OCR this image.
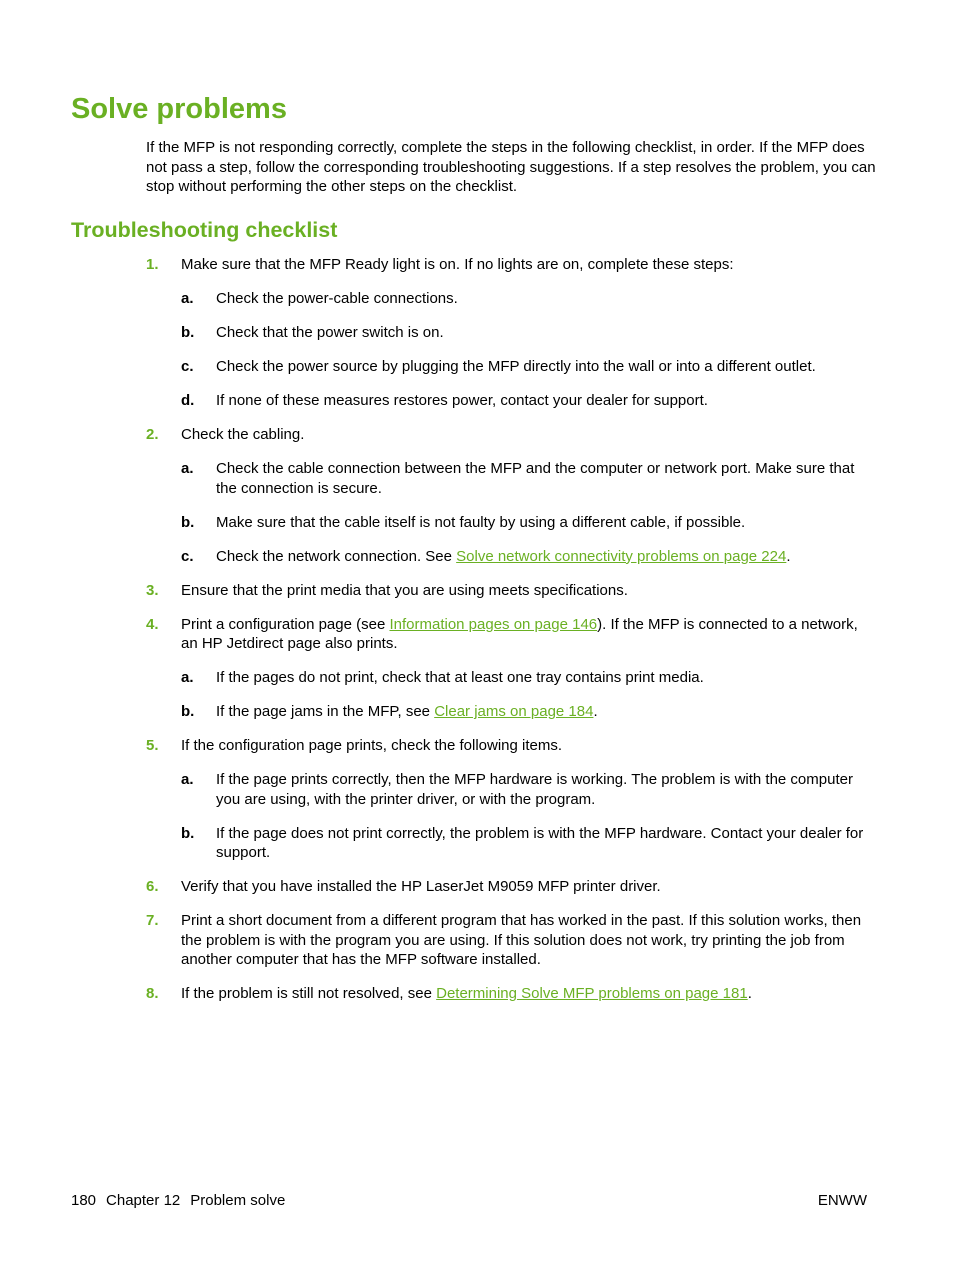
Solve problems

If the MFP is not responding correctly, complete the steps in the following checklist, in order. If the MFP does not pass a step, follow the corresponding troubleshooting suggestions. If a step resolves the problem, you can stop without performing the other steps on the checklist.

Troubleshooting checklist
1. Make sure that the MFP Ready light is on. If no lights are on, complete these steps:
a. Check the power-cable connections.
b. Check that the power switch is on.
c. Check the power source by plugging the MFP directly into the wall or into a different outlet.
d. If none of these measures restores power, contact your dealer for support.
2. Check the cabling.
a. Check the cable connection between the MFP and the computer or network port. Make sure that the connection is secure.
b. Make sure that the cable itself is not faulty by using a different cable, if possible.
c. Check the network connection. See Solve network connectivity problems on page 224.
3. Ensure that the print media that you are using meets specifications.
4. Print a configuration page (see Information pages on page 146). If the MFP is connected to a network, an HP Jetdirect page also prints.
a. If the pages do not print, check that at least one tray contains print media.
b. If the page jams in the MFP, see Clear jams on page 184.
5. If the configuration page prints, check the following items.
a. If the page prints correctly, then the MFP hardware is working. The problem is with the computer you are using, with the printer driver, or with the program.
b. If the page does not print correctly, the problem is with the MFP hardware. Contact your dealer for support.
6. Verify that you have installed the HP LaserJet M9059 MFP printer driver.
7. Print a short document from a different program that has worked in the past. If this solution works, then the problem is with the program you are using. If this solution does not work, try printing the job from another computer that has the MFP software installed.
8. If the problem is still not resolved, see Determining Solve MFP problems on page 181.
180 Chapter 12 Problem solve	ENWW
